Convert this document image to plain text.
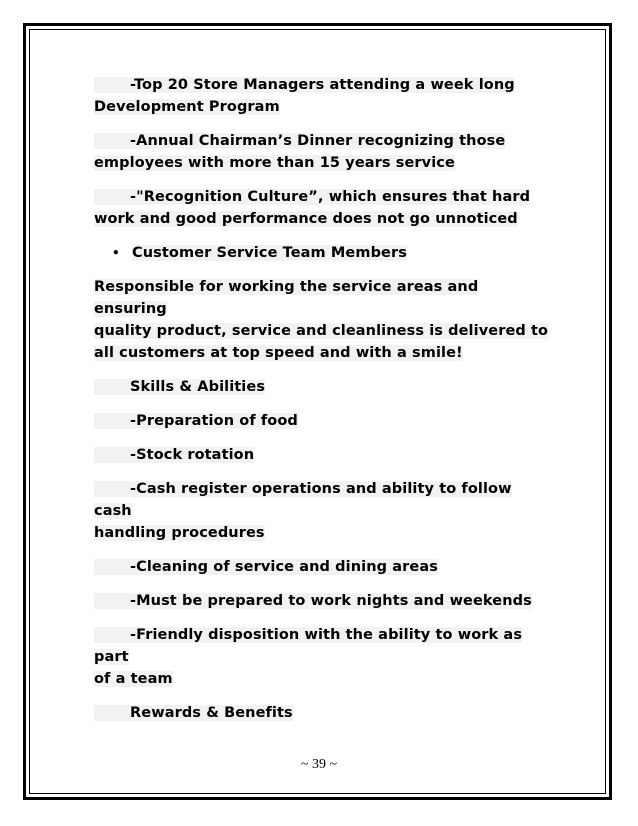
-Top 20 Store Managers attending a week long
Development Program
-Annual Chairman’s Dinner recognizing those
employees with more than 15 years service
-"Recognition Culture”, which ensures that hard
work and good performance does not go unnoticed
• Customer Service Team Members
Responsible for working the service areas and ensuring
quality product, service and cleanliness is delivered to
all customers at top speed and with a smile!
Skills & Abilities
-Preparation of food
-Stock rotation
-Cash register operations and ability to follow cash
handling procedures
-Cleaning of service and dining areas
-Must be prepared to work nights and weekends
-Friendly disposition with the ability to work as part
of a team
Rewards & Benefits
~ 39 ~
